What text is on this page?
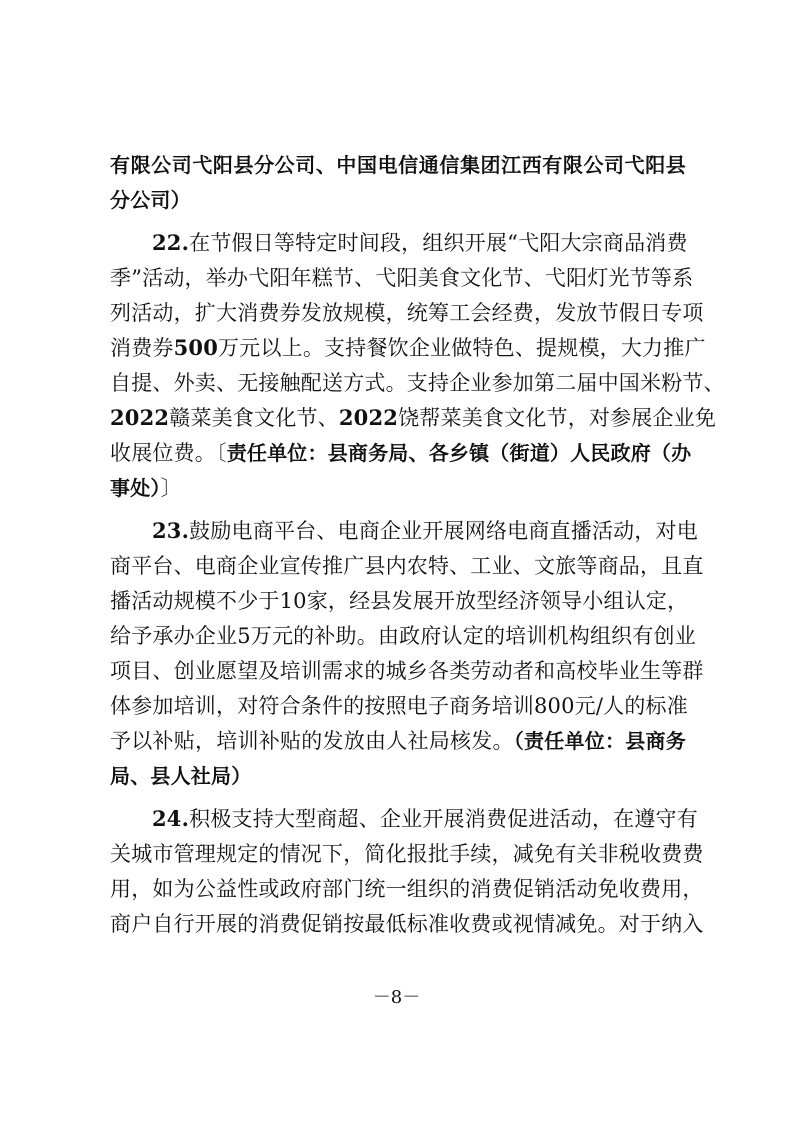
有限公司弋阳县分公司、中国电信通信集团江西有限公司弋阳县
分公司）
22.在节假日等特定时间段，组织开展“弋阳大宗商品消费
季”活动，举办弋阳年糕节、弋阳美食文化节、弋阳灯光节等系
列活动，扩大消费券发放规模，统筹工会经费，发放节假日专项
消费券500万元以上。支持餐饮企业做特色、提规模，大力推广
自提、外卖、无接触配送方式。支持企业参加第二届中国米粉节、
2022赣菜美食文化节、2022饶帮菜美食文化节，对参展企业免
收展位费。〔责任单位：县商务局、各乡镇（街道）人民政府（办
事处）〕
23.鼓励电商平台、电商企业开展网络电商直播活动，对电
商平台、电商企业宣传推广县内农特、工业、文旅等商品，且直
播活动规模不少于10家，经县发展开放型经济领导小组认定，
给予承办企业5万元的补助。由政府认定的培训机构组织有创业
项目、创业愿望及培训需求的城乡各类劳动者和高校毕业生等群
体参加培训，对符合条件的按照电子商务培训800元/人的标准
予以补贴，培训补贴的发放由人社局核发。（责任单位：县商务
局、县人社局）
24.积极支持大型商超、企业开展消费促进活动，在遵守有
关城市管理规定的情况下，简化报批手续，减免有关非税收费费
用，如为公益性或政府部门统一组织的消费促销活动免收费用，
商户自行开展的消费促销按最低标准收费或视情减免。对于纳入
－8－
